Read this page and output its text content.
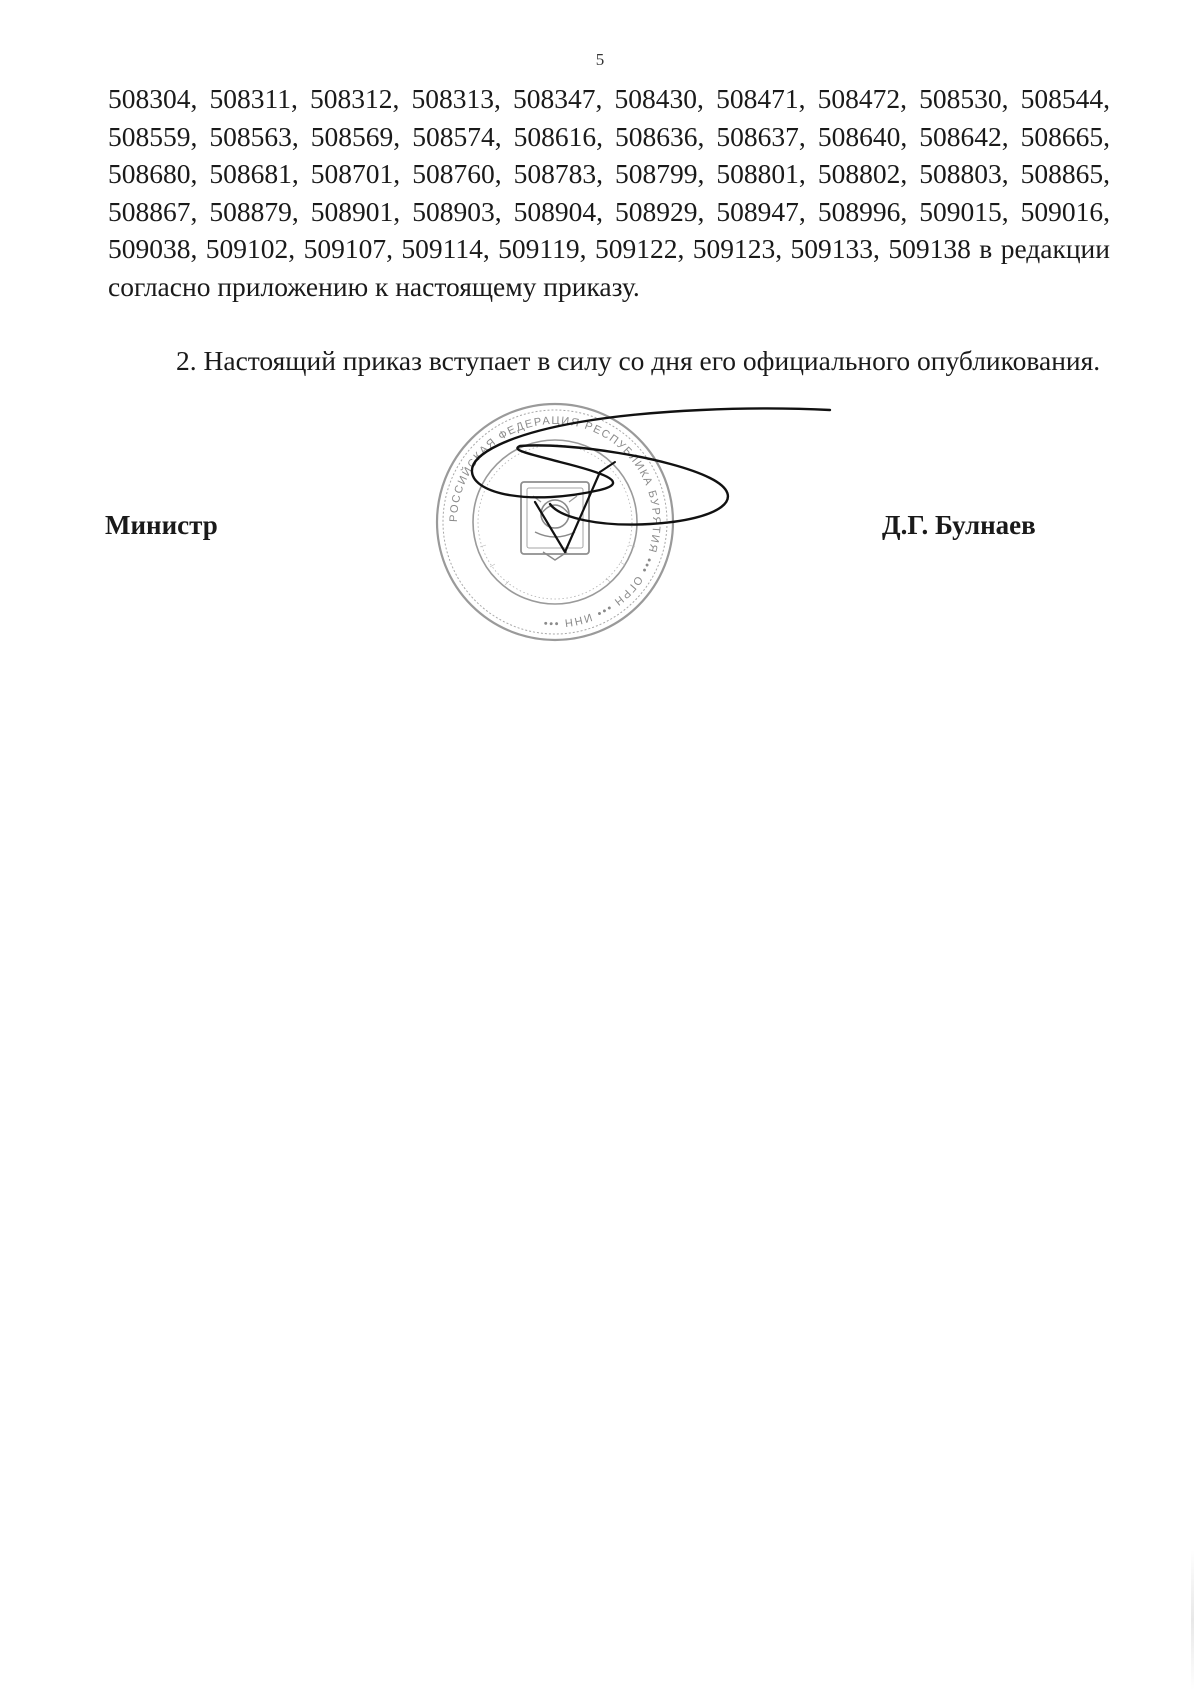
5

508304, 508311, 508312, 508313, 508347, 508430, 508471, 508472, 508530, 508544, 508559, 508563, 508569, 508574, 508616, 508636, 508637, 508640, 508642, 508665, 508680, 508681, 508701, 508760, 508783, 508799, 508801, 508802, 508803, 508865, 508867, 508879, 508901, 508903, 508904, 508929, 508947, 508996, 509015, 509016, 509038, 509102, 509107, 509114, 509119, 509122, 509123, 509133, 509138 в редакции согласно приложению к настоящему приказу.

2. Настоящий приказ вступает в силу со дня его официального опубликования.

РОССИЙСКАЯ ФЕДЕРАЦИЯ РЕСПУБЛИКА БУРЯТИЯ ••• ОГРН ••• ИНН •••
Министр	Д.Г. Булнаев
